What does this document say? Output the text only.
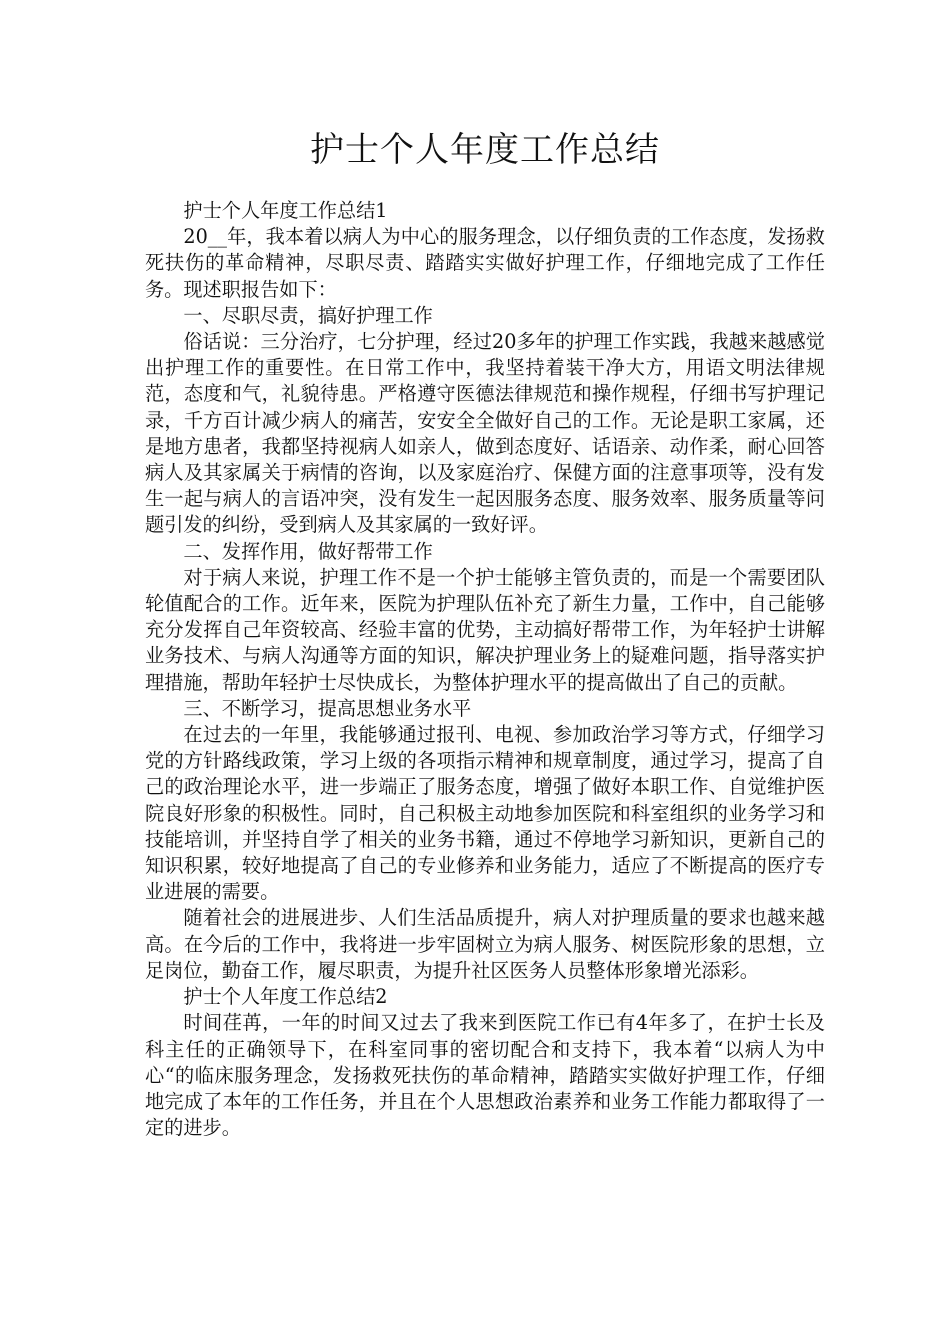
护士个人年度工作总结

护士个人年度工作总结1

20__年，我本着以病人为中心的服务理念，以仔细负责的工作态度，发扬救死扶伤的革命精神，尽职尽责、踏踏实实做好护理工作，仔细地完成了工作任务。现述职报告如下：

一、尽职尽责，搞好护理工作

俗话说：三分治疗，七分护理，经过20多年的护理工作实践，我越来越感觉出护理工作的重要性。在日常工作中，我坚持着装干净大方，用语文明法律规范，态度和气，礼貌待患。严格遵守医德法律规范和操作规程，仔细书写护理记录，千方百计减少病人的痛苦，安安全全做好自己的工作。无论是职工家属，还是地方患者，我都坚持视病人如亲人，做到态度好、话语亲、动作柔，耐心回答病人及其家属关于病情的咨询，以及家庭治疗、保健方面的注意事项等，没有发生一起与病人的言语冲突，没有发生一起因服务态度、服务效率、服务质量等问题引发的纠纷，受到病人及其家属的一致好评。

二、发挥作用，做好帮带工作

对于病人来说，护理工作不是一个护士能够主管负责的，而是一个需要团队轮值配合的工作。近年来，医院为护理队伍补充了新生力量，工作中，自己能够充分发挥自己年资较高、经验丰富的优势，主动搞好帮带工作，为年轻护士讲解业务技术、与病人沟通等方面的知识，解决护理业务上的疑难问题，指导落实护理措施，帮助年轻护士尽快成长，为整体护理水平的提高做出了自己的贡献。

三、不断学习，提高思想业务水平

在过去的一年里，我能够通过报刊、电视、参加政治学习等方式，仔细学习党的方针路线政策，学习上级的各项指示精神和规章制度，通过学习，提高了自己的政治理论水平，进一步端正了服务态度，增强了做好本职工作、自觉维护医院良好形象的积极性。同时，自己积极主动地参加医院和科室组织的业务学习和技能培训，并坚持自学了相关的业务书籍，通过不停地学习新知识，更新自己的知识积累，较好地提高了自己的专业修养和业务能力，适应了不断提高的医疗专业进展的需要。

随着社会的进展进步、人们生活品质提升，病人对护理质量的要求也越来越高。在今后的工作中，我将进一步牢固树立为病人服务、树医院形象的思想，立足岗位，勤奋工作，履尽职责，为提升社区医务人员整体形象增光添彩。

护士个人年度工作总结2

时间荏苒，一年的时间又过去了我来到医院工作已有4年多了，在护士长及科主任的正确领导下，在科室同事的密切配合和支持下，我本着“以病人为中心“的临床服务理念，发扬救死扶伤的革命精神，踏踏实实做好护理工作，仔细地完成了本年的工作任务，并且在个人思想政治素养和业务工作能力都取得了一定的进步。
